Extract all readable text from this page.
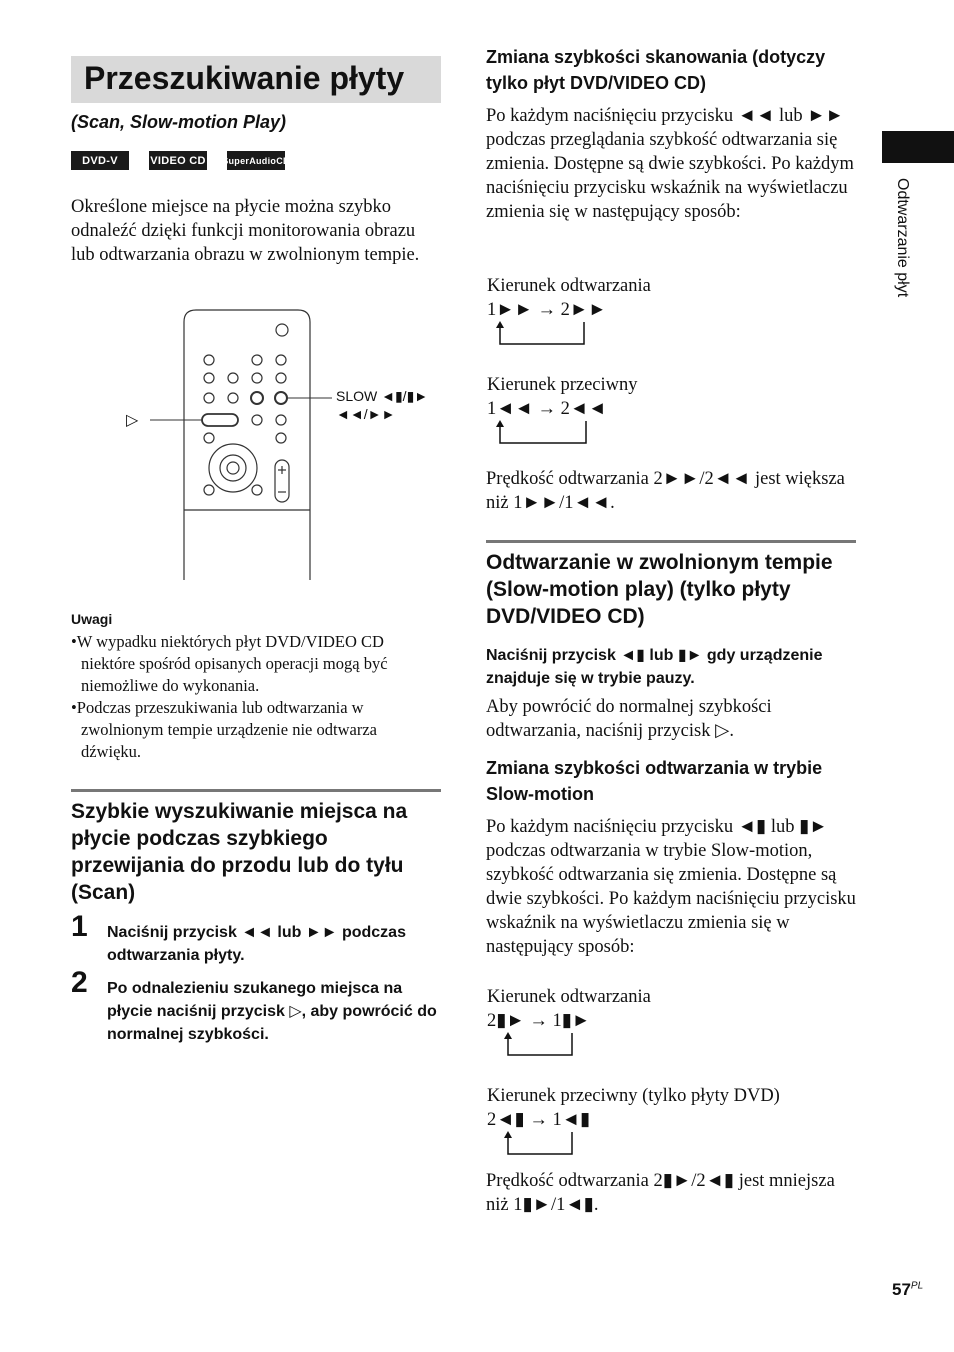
Przeszukiwanie płyty
(Scan, Slow-motion Play)
DVD-V	VIDEO CD SuperAudioCD
Określone miejsce na płycie można szybko odnaleźć dzięki funkcji monitorowania obrazu lub odtwarzania obrazu w zwolnionym tempie.
▷
SLOW ◄▮/▮►
◄◄/►►
Uwagi
•W wypadku niektórych płyt DVD/VIDEO CD niektóre spośród opisanych operacji mogą być niemożliwe do wykonania.
•Podczas przeszukiwania lub odtwarzania w zwolnionym tempie urządzenie nie odtwarza dźwięku.
Szybkie wyszukiwanie miejsca na płycie podczas szybkiego przewijania do przodu lub do tyłu (Scan)
1 Naciśnij przycisk ◄◄ lub ►► podczas odtwarzania płyty.
2 Po odnalezieniu szukanego miejsca na płycie naciśnij przycisk ▷, aby powrócić do normalnej szybkości.
Zmiana szybkości skanowania (dotyczy tylko płyt DVD/VIDEO CD)
Po każdym naciśnięciu przycisku ◄◄ lub ►► podczas przeglądania szybkość odtwarzania się zmienia. Dostępne są dwie szybkości. Po każdym naciśnięciu przycisku wskaźnik na wyświetlaczu zmienia się w następujący sposób:
Kierunek odtwarzania
1►► → 2►►
Kierunek przeciwny
1◄◄ → 2◄◄
Prędkość odtwarzania 2►►/2◄◄ jest większa niż 1►►/1◄◄.
Odtwarzanie w zwolnionym tempie (Slow-motion play) (tylko płyty DVD/VIDEO CD)
Naciśnij przycisk ◄▮ lub ▮► gdy urządzenie znajduje się w trybie pauzy.
Aby powrócić do normalnej szybkości odtwarzania, naciśnij przycisk ▷.
Zmiana szybkości odtwarzania w trybie Slow-motion
Po każdym naciśnięciu przycisku ◄▮ lub ▮► podczas odtwarzania w trybie Slow-motion, szybkość odtwarzania się zmienia. Dostępne są dwie szybkości. Po każdym naciśnięciu przycisku wskaźnik na wyświetlaczu zmienia się w następujący sposób:
Kierunek odtwarzania
2▮► → 1▮►
Kierunek przeciwny (tylko płyty DVD)
2◄▮ → 1◄▮
Prędkość odtwarzania 2▮►/2◄▮ jest mniejsza niż 1▮►/1◄▮.
Odtwarzanie płyt
$57^{PL}$
